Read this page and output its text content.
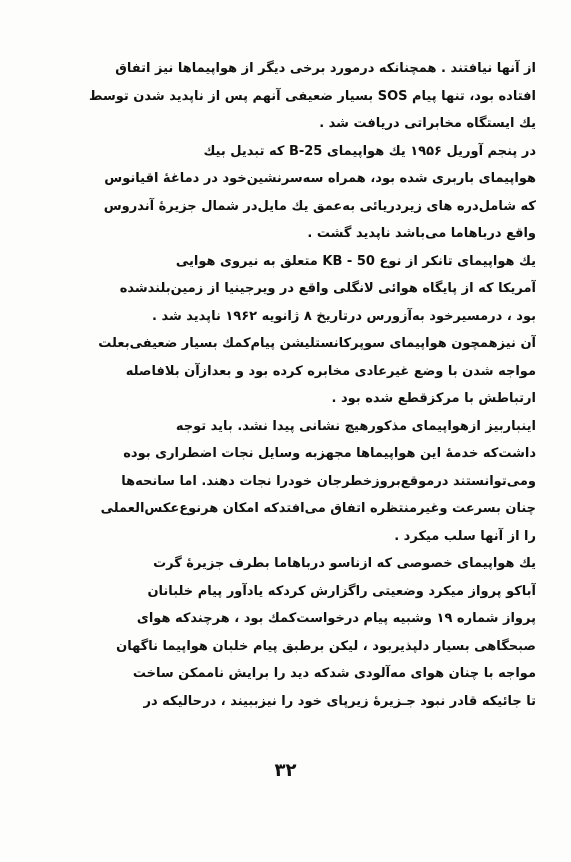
از آنها نیافتند . همچنانکه درمورد برخی دیگر از هواپیماها نیز اتفاق
افتاده بود، تنها پیام SOS بسیار ضعیفی آنهم پس از ناپدید شدن توسط
یك ایستگاه مخابراتی دریافت شد .
در پنجم آوریل ۱۹۵۶ یك هواپیمای B-25 که تبدیل بیك
هواپیمای باربری شده بود، همراه سه‌سرنشین‌خود در دماغهٔ اقیانوس
که شامل‌دره های زیردریائی به‌عمق یك مایل‌در شمال جزیرهٔ آندروس
واقع درباهاما می‌باشد ناپدید گشت .
یك هواپیمای تانکر از نوع KB - 50 متعلق به نیروی هوایی
آمریکا که از پایگاه هوائی لانگلی واقع در ویرجینیا از زمین‌بلندشده
بود ، درمسیرخود به‌آزورس درتاریخ ۸ ژانویه ۱۹۶۲ ناپدید شد .
آن نیزهمچون هواپیمای سوپرکانستلیشن پیام‌کمك بسیار ضعیفی‌بعلت
مواجه شدن با وضع غیرعادی مخابره کرده بود و بعدازآن بلافاصله
ارتباطش با مرکزقطع شده بود .
اینباربیز ازهواپیمای مذکورهیچ نشانی پیدا نشد. باید توجه
داشت‌که خدمهٔ این هواپیماها مجهزبه وسایل نجات اضطراری بوده
ومی‌توانستند درموقع‌بروزخطرجان خودرا نجات دهند. اما سانحه‌ها
چنان بسرعت وغیرمنتظره اتفاق می‌افتدکه امکان هرنوع‌عکس‌العملی
را از آنها سلب میکرد .
یك هواپیمای خصوصی که ازناسو درباهاما بطرف جزیرهٔ گرت
آباکو پرواز میکرد وضعیتی راگزارش کردکه یادآور پیام خلبانان
پرواز شماره ۱۹ وشبیه پیام درخواست‌کمك بود ، هرچندکه هوای
صبحگاهی بسیار دلپذیربود ، لیکن برطبق پیام خلبان هواپیما ناگهان
مواجه با چنان هوای مه‌آلودی شدکه دید را برایش ناممکن ساخت
تا جائیکه قادر نبود جـزیرهٔ زیرپای خود را نیزببیند ، درحالیکه در
۳۲
